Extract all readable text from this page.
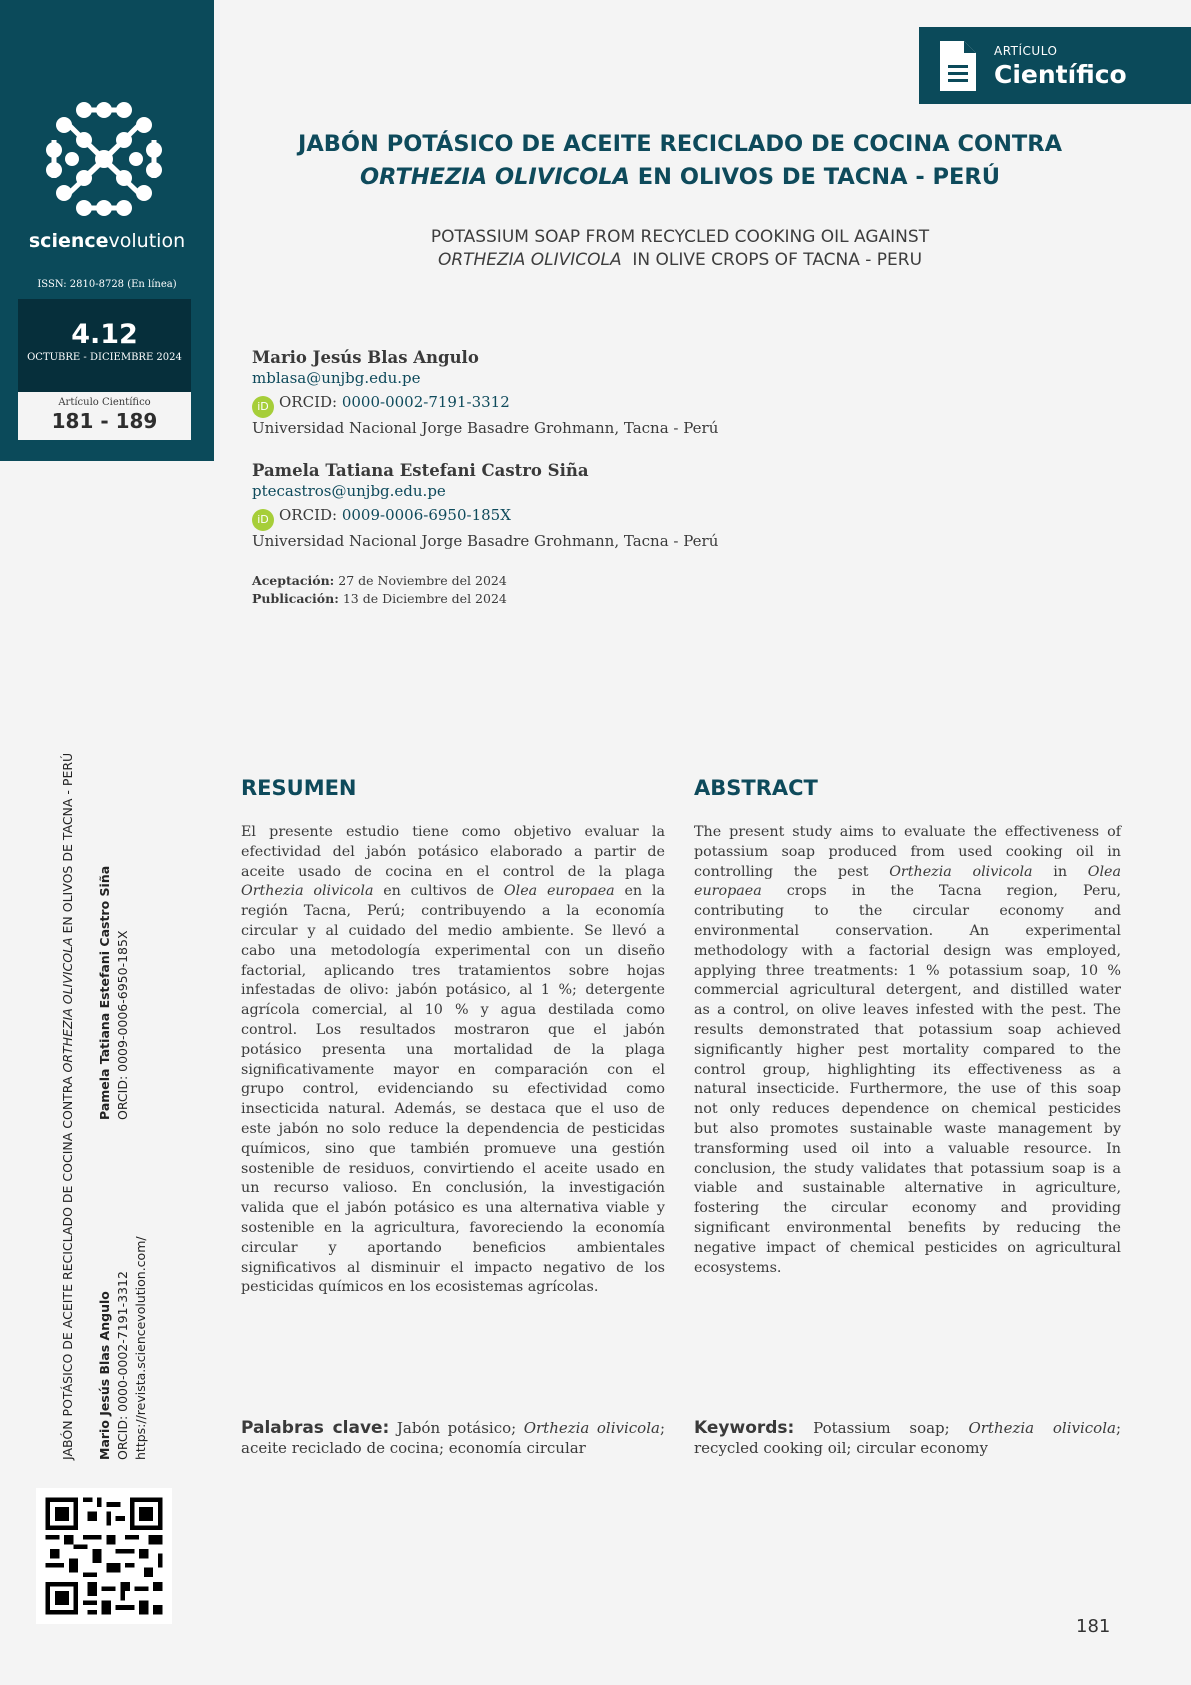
sciencevolution
ISSN: 2810-8728 (En línea)
4.12
OCTUBRE - DICIEMBRE 2024
Artículo Científico
181 - 189
JABÓN POTÁSICO DE ACEITE RECICLADO DE COCINA CONTRA ORTHEZIA OLIVICOLA EN OLIVOS DE TACNA - PERÚ
Mario Jesús Blas Angulo ORCID: 0000-0002-7191-3312 https://revista.sciencevolution.com/
Pamela Tatiana Estefani Castro Siña ORCID: 0009-0006-6950-185X
ARTÍCULO
Científico
JABÓN POTÁSICO DE ACEITE RECICLADO DE COCINA CONTRA
ORTHEZIA OLIVICOLA EN OLIVOS DE TACNA - PERÚ
POTASSIUM SOAP FROM RECYCLED COOKING OIL AGAINST
ORTHEZIA OLIVICOLA  IN OLIVE CROPS OF TACNA - PERU
Mario Jesús Blas Angulo
mblasa@unjbg.edu.pe
iD ORCID: 0000-0002-7191-3312
Universidad Nacional Jorge Basadre Grohmann, Tacna - Perú
Pamela Tatiana Estefani Castro Siña
ptecastros@unjbg.edu.pe
iD ORCID: 0009-0006-6950-185X
Universidad Nacional Jorge Basadre Grohmann, Tacna - Perú
Aceptación: 27 de Noviembre del 2024
Publicación: 13 de Diciembre del 2024
RESUMEN
El presente estudio tiene como objetivo evaluar la
efectividad del jabón potásico elaborado a partir de
aceite usado de cocina en el control de la plaga
Orthezia olivicola en cultivos de Olea europaea en la
región Tacna, Perú; contribuyendo a la economía
circular y al cuidado del medio ambiente. Se llevó a
cabo una metodología experimental con un diseño
factorial, aplicando tres tratamientos sobre hojas
infestadas de olivo: jabón potásico, al 1 %; detergente
agrícola comercial, al 10 % y agua destilada como
control. Los resultados mostraron que el jabón
potásico presenta una mortalidad de la plaga
significativamente mayor en comparación con el
grupo control, evidenciando su efectividad como
insecticida natural. Además, se destaca que el uso de
este jabón no solo reduce la dependencia de pesticidas
químicos, sino que también promueve una gestión
sostenible de residuos, convirtiendo el aceite usado en
un recurso valioso. En conclusión, la investigación
valida que el jabón potásico es una alternativa viable y
sostenible en la agricultura, favoreciendo la economía
circular y aportando beneficios ambientales
significativos al disminuir el impacto negativo de los
pesticidas químicos en los ecosistemas agrícolas.
Palabras clave: Jabón potásico; Orthezia olivicola;
aceite reciclado de cocina; economía circular
ABSTRACT
The present study aims to evaluate the effectiveness of
potassium soap produced from used cooking oil in
controlling the pest Orthezia olivicola in Olea
europaea crops in the Tacna region, Peru,
contributing to the circular economy and
environmental conservation. An experimental
methodology with a factorial design was employed,
applying three treatments: 1 % potassium soap, 10 %
commercial agricultural detergent, and distilled water
as a control, on olive leaves infested with the pest. The
results demonstrated that potassium soap achieved
significantly higher pest mortality compared to the
control group, highlighting its effectiveness as a
natural insecticide. Furthermore, the use of this soap
not only reduces dependence on chemical pesticides
but also promotes sustainable waste management by
transforming used oil into a valuable resource. In
conclusion, the study validates that potassium soap is a
viable and sustainable alternative in agriculture,
fostering the circular economy and providing
significant environmental benefits by reducing the
negative impact of chemical pesticides on agricultural
ecosystems.
Keywords: Potassium soap; Orthezia olivicola;
recycled cooking oil; circular economy
181
